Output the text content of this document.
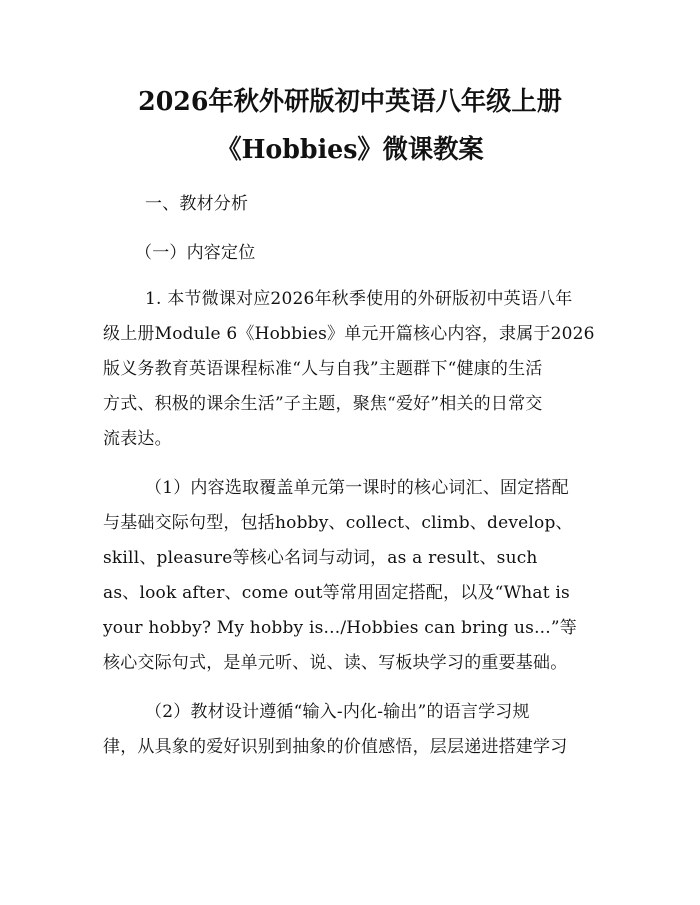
2026年秋外研版初中英语八年级上册
《Hobbies》微课教案
一、教材分析
（一）内容定位
1. 本节微课对应2026年秋季使用的外研版初中英语八年
级上册Module 6《Hobbies》单元开篇核心内容，隶属于2026
版义务教育英语课程标准“人与自我”主题群下“健康的生活
方式、积极的课余生活”子主题，聚焦“爱好”相关的日常交
流表达。
（1）内容选取覆盖单元第一课时的核心词汇、固定搭配
与基础交际句型，包括hobby、collect、climb、develop、
skill、pleasure等核心名词与动词，as a result、such
as、look after、come out等常用固定搭配，以及“What is
your hobby? My hobby is.../Hobbies can bring us...”等
核心交际句式，是单元听、说、读、写板块学习的重要基础。
（2）教材设计遵循“输入-内化-输出”的语言学习规
律，从具象的爱好识别到抽象的价值感悟，层层递进搭建学习
